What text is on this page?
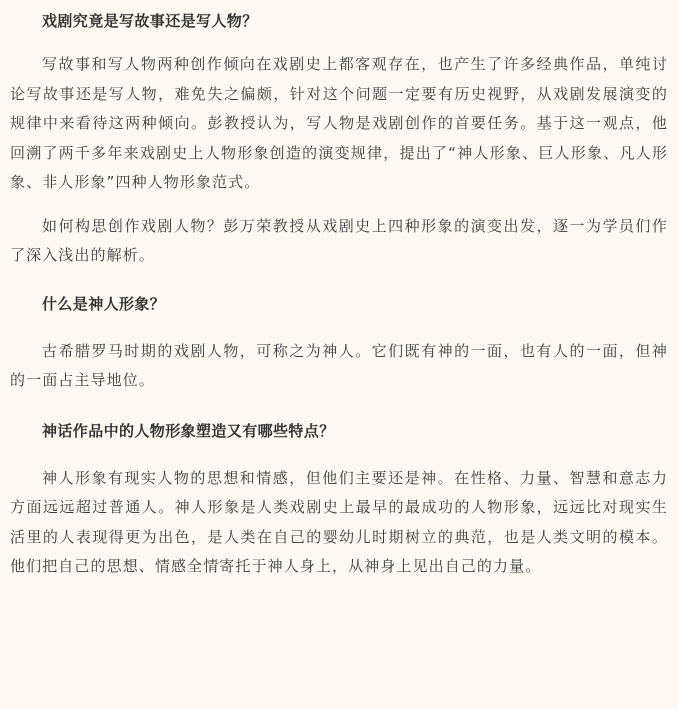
戏剧究竟是写故事还是写人物？

写故事和写人物两种创作倾向在戏剧史上都客观存在，也产生了许多经典作品，单纯讨论写故事还是写人物，难免失之偏颇，针对这个问题一定要有历史视野，从戏剧发展演变的规律中来看待这两种倾向。彭教授认为，写人物是戏剧创作的首要任务。基于这一观点，他回溯了两千多年来戏剧史上人物形象创造的演变规律，提出了“神人形象、巨人形象、凡人形象、非人形象”四种人物形象范式。

如何构思创作戏剧人物？彭万荣教授从戏剧史上四种形象的演变出发，逐一为学员们作了深入浅出的解析。

什么是神人形象？

古希腊罗马时期的戏剧人物，可称之为神人。它们既有神的一面，也有人的一面，但神的一面占主导地位。

神话作品中的人物形象塑造又有哪些特点？

神人形象有现实人物的思想和情感，但他们主要还是神。在性格、力量、智慧和意志力方面远远超过普通人。神人形象是人类戏剧史上最早的最成功的人物形象，远远比对现实生活里的人表现得更为出色，是人类在自己的婴幼儿时期树立的典范，也是人类文明的模本。他们把自己的思想、情感全情寄托于神人身上，从神身上见出自己的力量。
